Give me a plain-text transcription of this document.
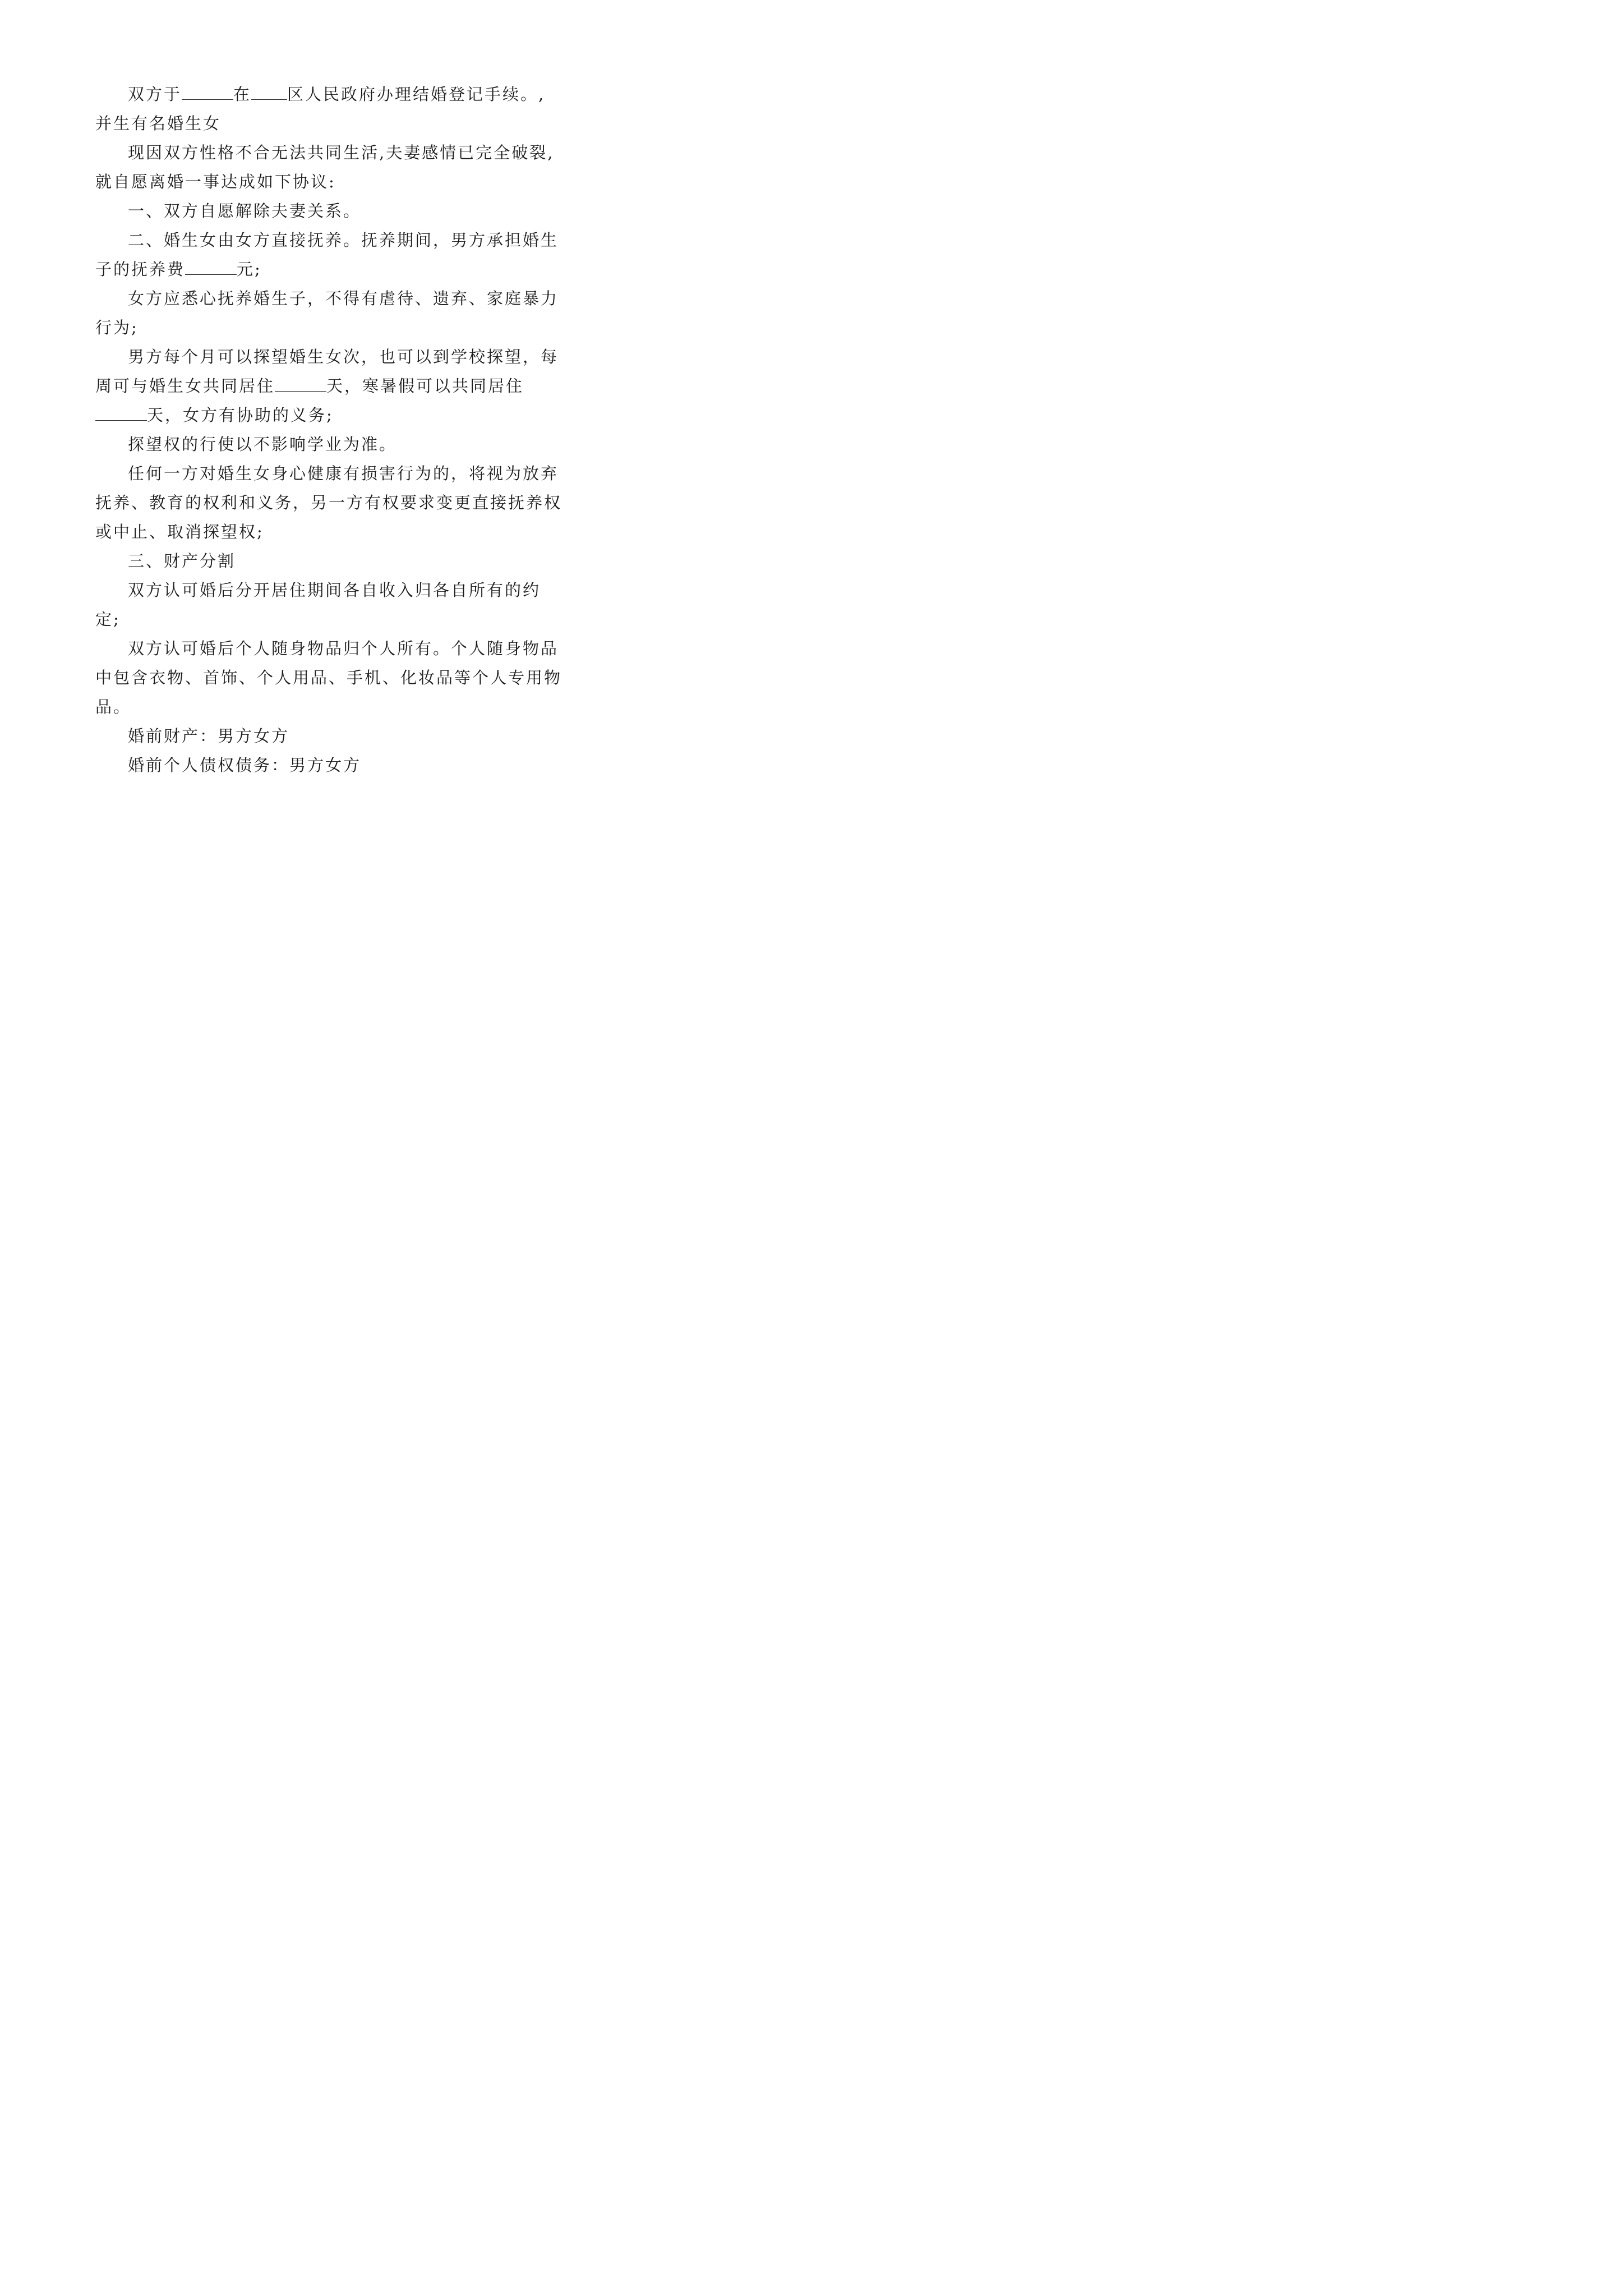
双方于	在 区人民政府办理结婚登记手续。,
并生有名婚生女
现因双方性格不合无法共同生活,夫妻感情已完全破裂,
就自愿离婚一事达成如下协议:
一、双方自愿解除夫妻关系。
二、婚生女由女方直接抚养。抚养期间，男方承担婚生
子的抚养费	元;
女方应悉心抚养婚生子，不得有虐待、遗弃、家庭暴力
行为;
男方每个月可以探望婚生女次，也可以到学校探望，每
周可与婚生女共同居住	天，寒暑假可以共同居住
天，女方有协助的义务;
探望权的行使以不影响学业为准。
任何一方对婚生女身心健康有损害行为的，将视为放弃
抚养、教育的权利和义务，另一方有权要求变更直接抚养权
或中止、取消探望权;
三、财产分割
双方认可婚后分开居住期间各自收入归各自所有的约
定;
双方认可婚后个人随身物品归个人所有。个人随身物品
中包含衣物、首饰、个人用品、手机、化妆品等个人专用物
品。
婚前财产：男方女方
婚前个人债权债务：男方女方
